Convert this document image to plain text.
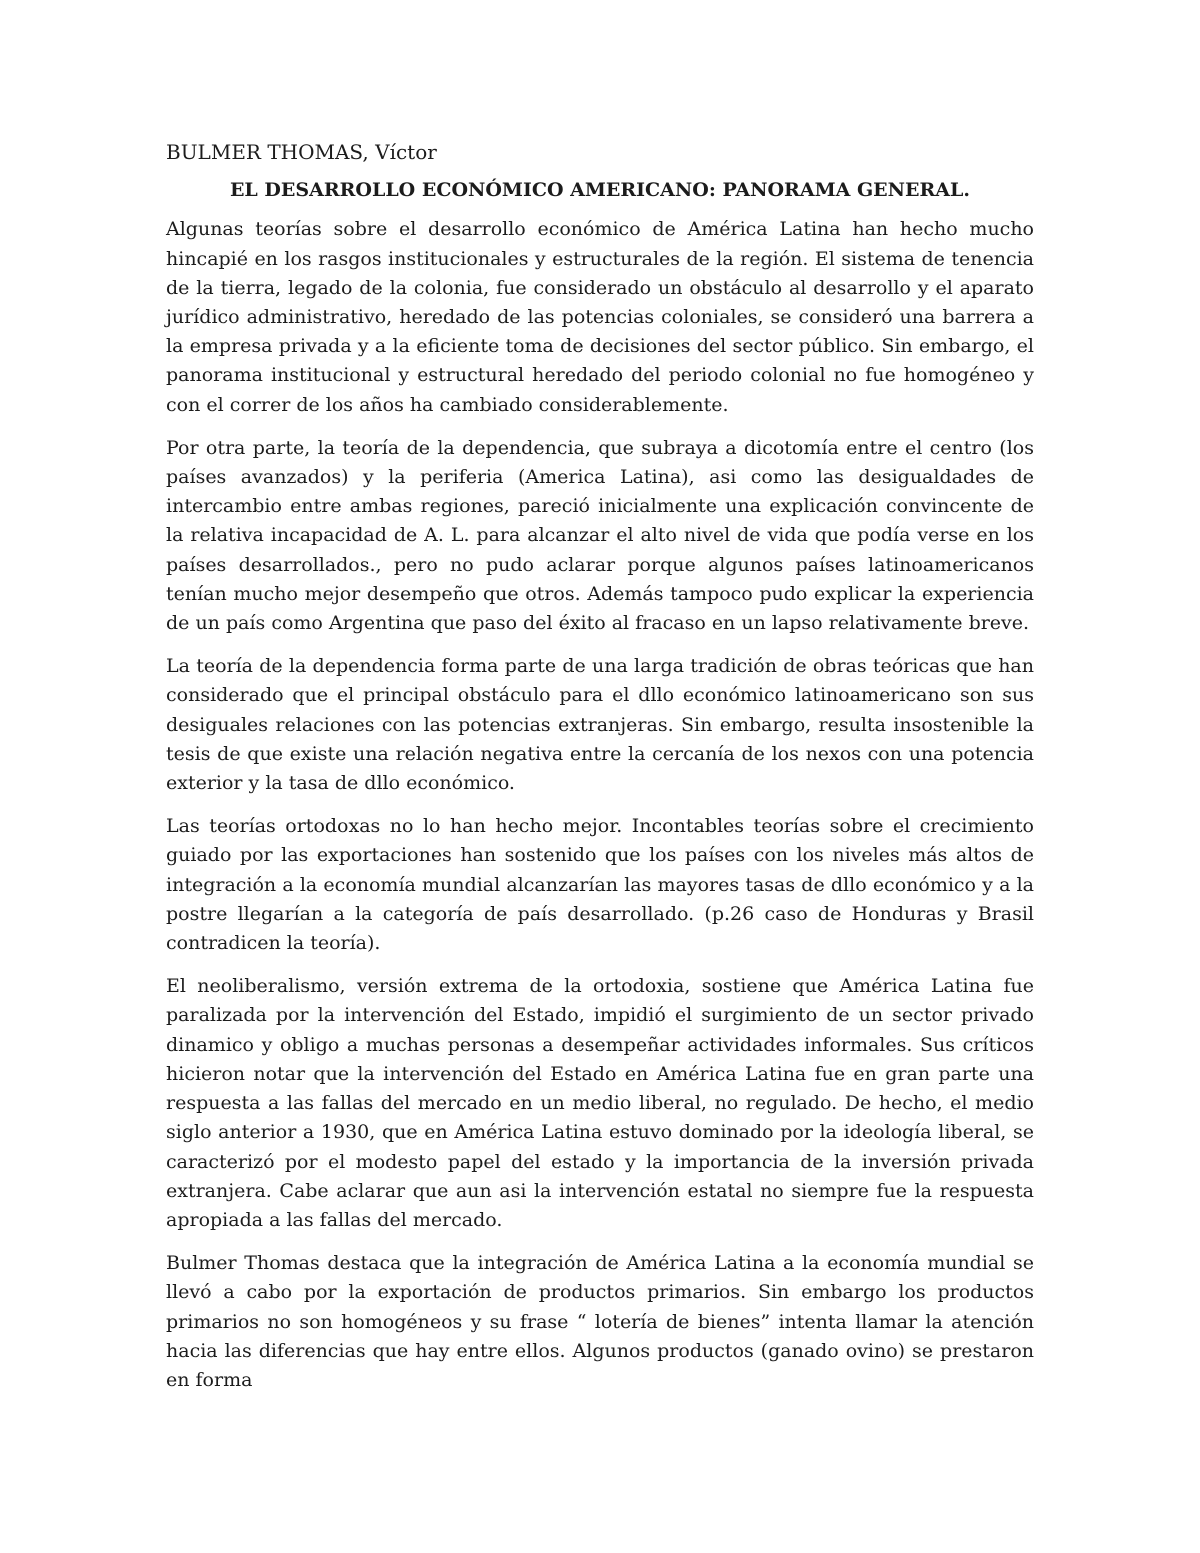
BULMER THOMAS, Víctor
EL DESARROLLO ECONÓMICO AMERICANO: PANORAMA GENERAL.

Algunas teorías sobre el desarrollo económico de América Latina han hecho mucho hincapié en los rasgos institucionales y estructurales de la región. El sistema de tenencia de la tierra, legado de la colonia, fue considerado un obstáculo al desarrollo y el aparato jurídico administrativo, heredado de las potencias coloniales, se consideró una barrera a la empresa privada y a la eficiente toma de decisiones del sector público. Sin embargo, el panorama institucional y estructural heredado del periodo colonial no fue homogéneo y con el correr de los años ha cambiado considerablemente.

Por otra parte, la teoría de la dependencia, que subraya a dicotomía entre el centro (los países avanzados) y la periferia (America Latina), asi como las desigualdades de intercambio entre ambas regiones, pareció inicialmente una explicación convincente de la relativa incapacidad de A. L. para alcanzar el alto nivel de vida que podía verse en los países desarrollados., pero no pudo aclarar porque algunos países latinoamericanos tenían mucho mejor desempeño que otros. Además tampoco pudo explicar la experiencia de un país como Argentina que paso del éxito al fracaso en un lapso relativamente breve.

La teoría de la dependencia forma parte de una larga tradición de obras teóricas que han considerado que el principal obstáculo para el dllo económico latinoamericano son sus desiguales relaciones con las potencias extranjeras. Sin embargo, resulta insostenible la tesis de que existe una relación negativa entre la cercanía de los nexos con una potencia exterior y la tasa de dllo económico.

Las teorías ortodoxas no lo han hecho mejor. Incontables teorías sobre el crecimiento guiado por las exportaciones han sostenido que los países con los niveles más altos de integración a la economía mundial alcanzarían las mayores tasas de dllo económico y a la postre llegarían a la categoría de país desarrollado. (p.26 caso de Honduras y Brasil contradicen la teoría).

El neoliberalismo, versión extrema de la ortodoxia, sostiene que América Latina fue paralizada por la intervención del Estado, impidió el surgimiento de un sector privado dinamico y obligo a muchas personas a desempeñar actividades informales. Sus críticos hicieron notar que la intervención del Estado en América Latina fue en gran parte una respuesta a las fallas del mercado en un medio liberal, no regulado. De hecho, el medio siglo anterior a 1930, que en América Latina estuvo dominado por la ideología liberal, se caracterizó por el modesto papel del estado y la importancia de la inversión privada extranjera. Cabe aclarar que aun asi la intervención estatal no siempre fue la respuesta apropiada a las fallas del mercado.

Bulmer Thomas destaca que la integración de América Latina a la economía mundial se llevó a cabo por la exportación de productos primarios. Sin embargo los productos primarios no son homogéneos y su frase “ lotería de bienes” intenta llamar la atención hacia las diferencias que hay entre ellos. Algunos productos (ganado ovino) se prestaron en forma
